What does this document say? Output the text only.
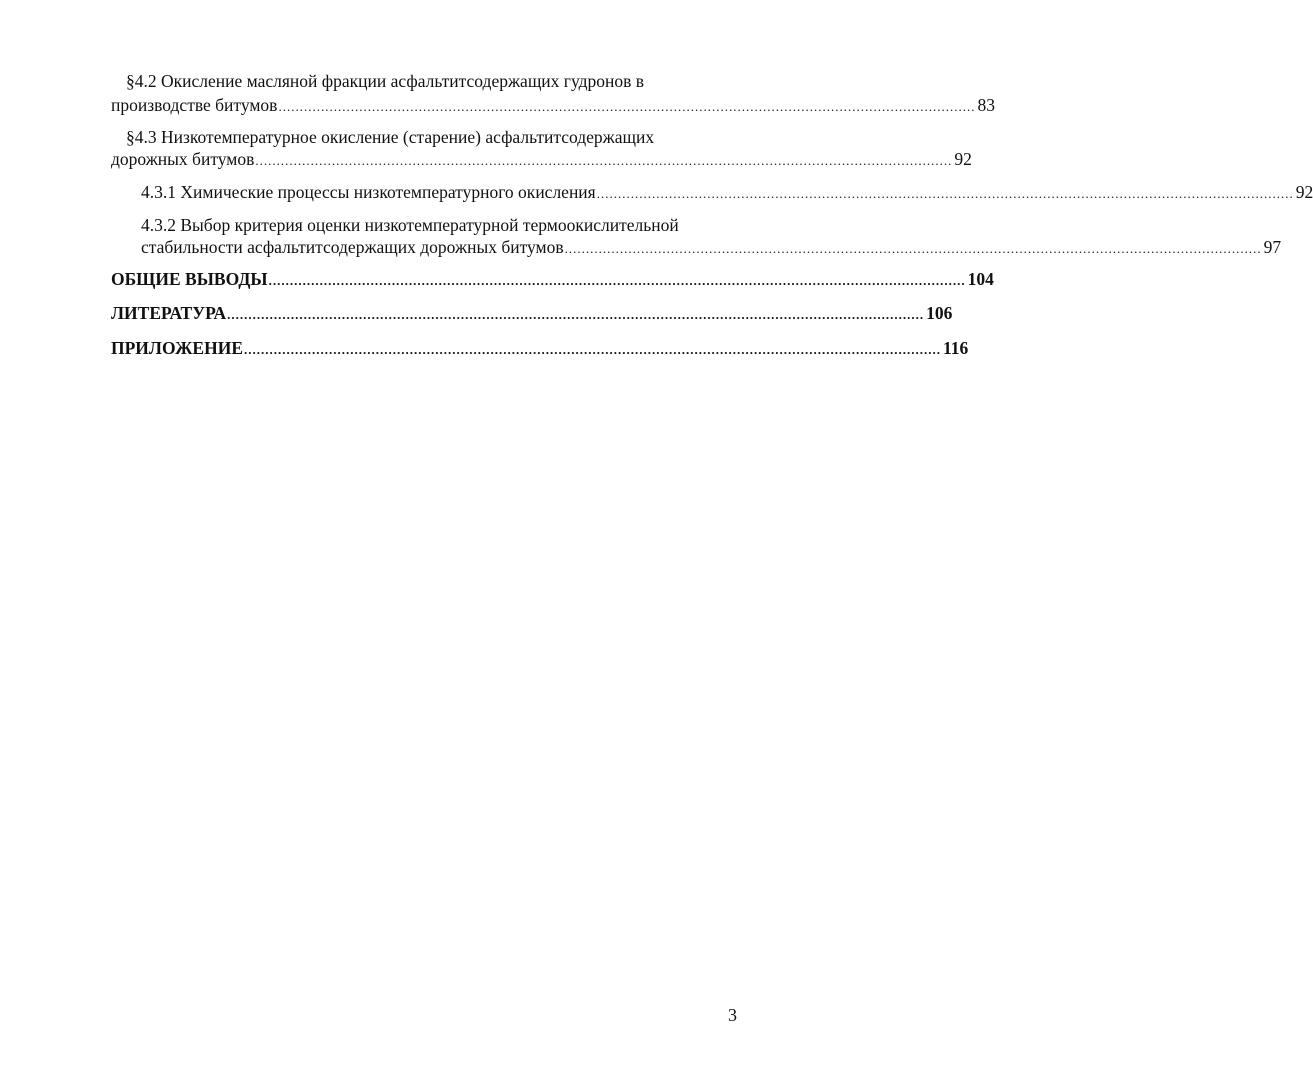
§4.2 Окисление масляной фракции асфальтитсодержащих гудронов в
производстве битумов .................................................................................................................................................................... 83
§4.3 Низкотемпературное окисление (старение) асфальтитсодержащих
дорожных битумов .................................................................................................................................................................... 92
4.3.1 Химические процессы низкотемпературного окисления .................................................................................................................................................................... 92
4.3.2 Выбор критерия оценки низкотемпературной термоокислительной
стабильности асфальтитсодержащих дорожных битумов .................................................................................................................................................................... 97
ОБЩИЕ ВЫВОДЫ .................................................................................................................................................................... 104
ЛИТЕРАТУРА .................................................................................................................................................................... 106
ПРИЛОЖЕНИЕ .................................................................................................................................................................... 116
3
